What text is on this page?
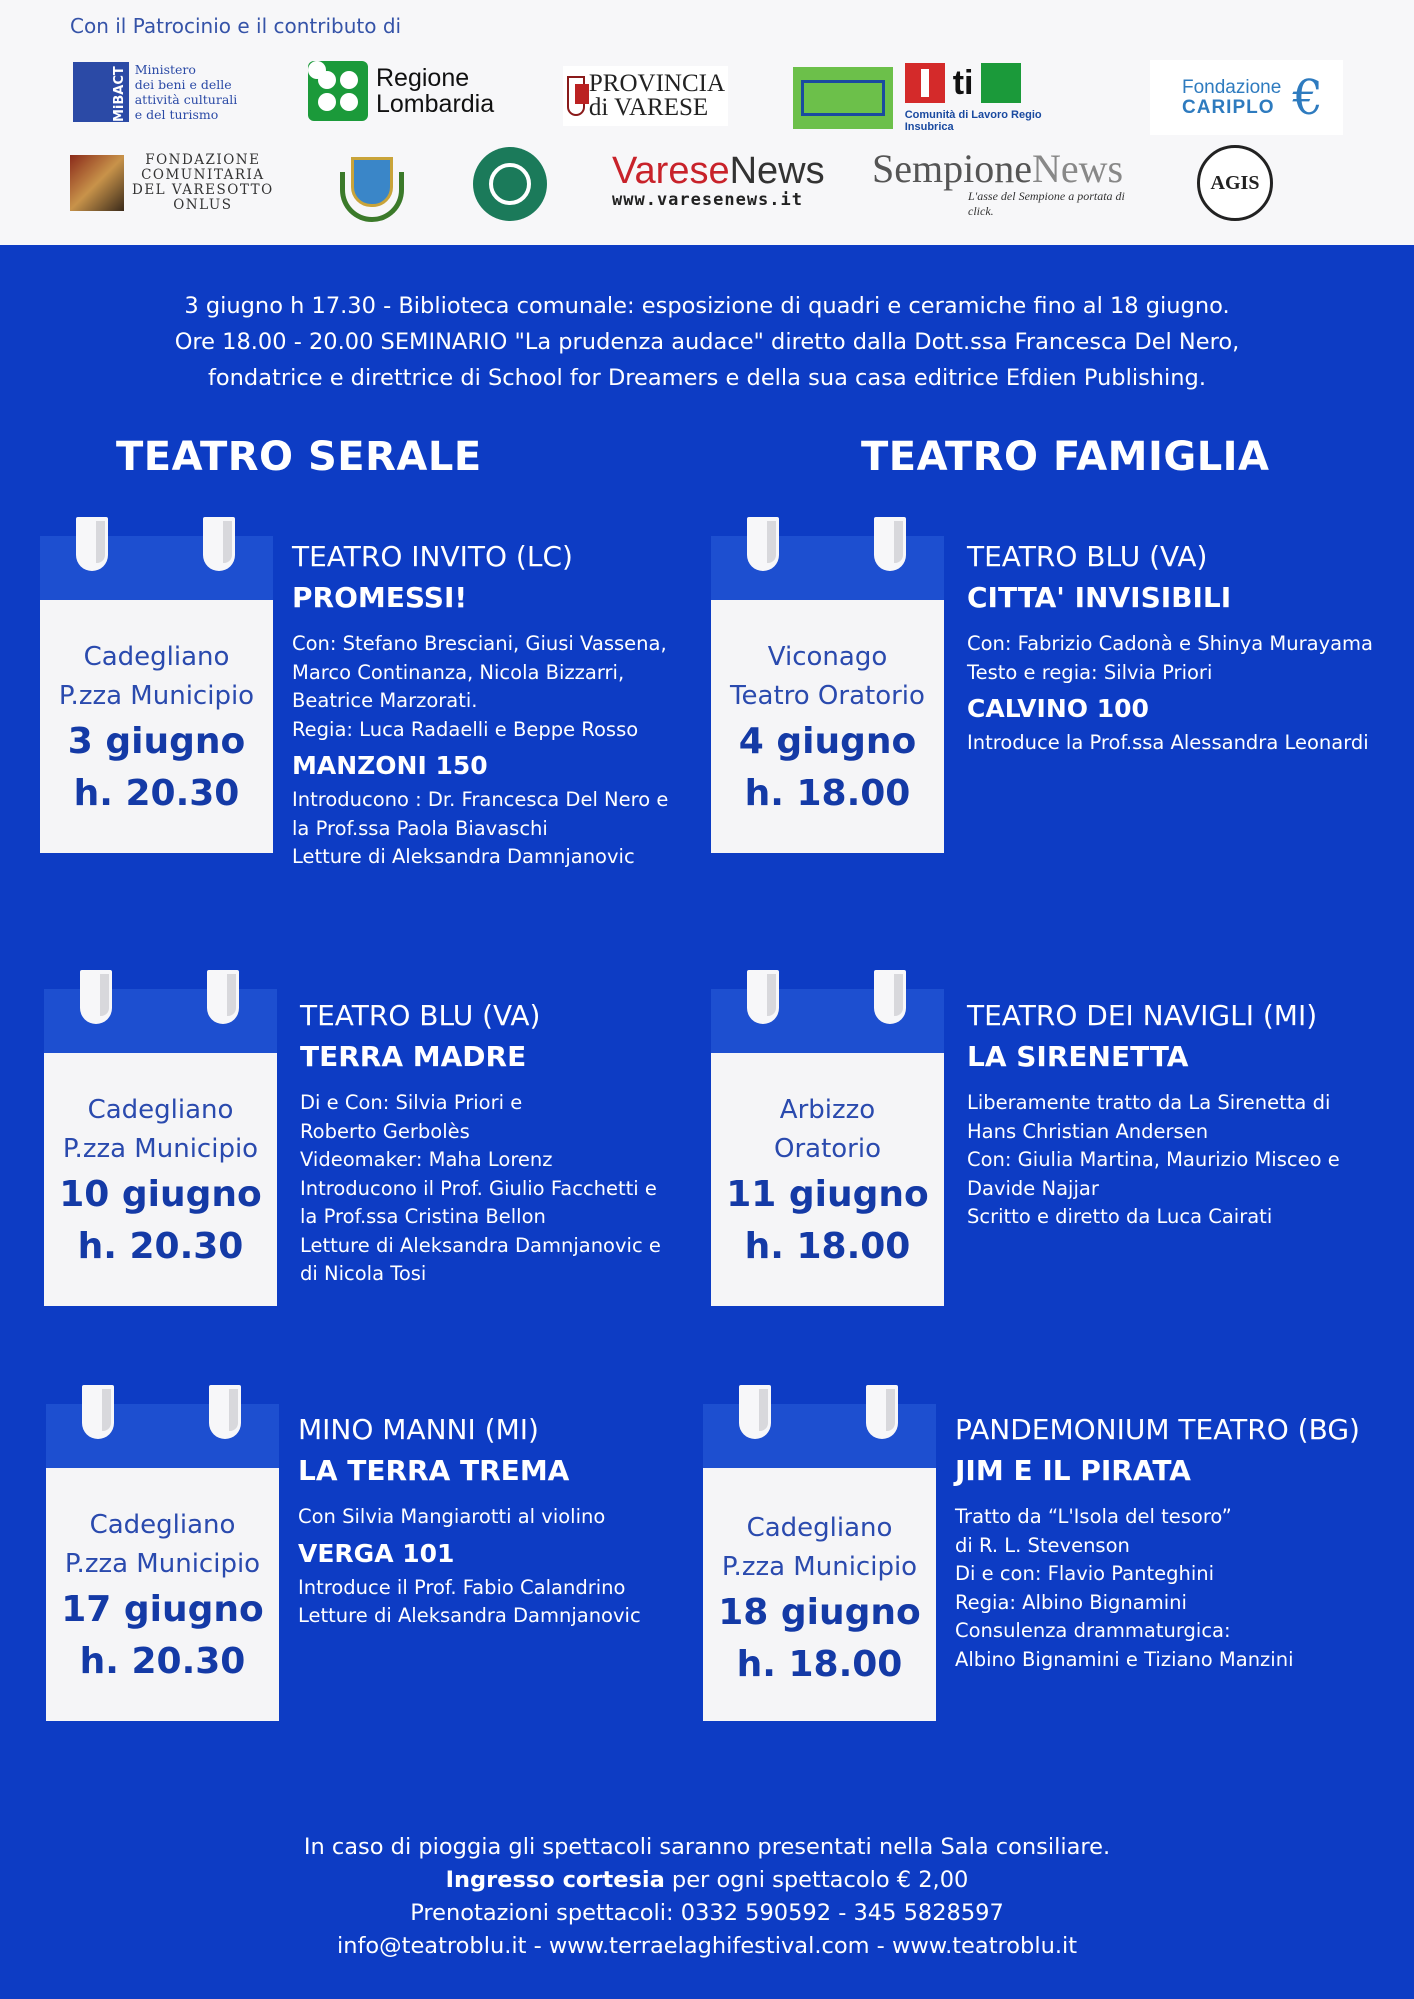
Con il Patrocinio e il contributo di
MiBACT Ministero
dei beni e delle
attività culturali
e del turismo
Regione
Lombardia
PROVINCIA di VARESE
ti
Comunità di Lavoro Regio Insubrica
Fondazione
CARIPLO €
FONDAZIONE
COMUNITARIA
DEL VARESOTTO
ONLUS
VareseNews
www.varesenews.it
SempioneNews
L'asse del Sempione a portata di click.
AGIS
3 giugno h 17.30 - Biblioteca comunale: esposizione di quadri e ceramiche fino al 18 giugno.
Ore 18.00 - 20.00 SEMINARIO "La prudenza audace" diretto dalla Dott.ssa Francesca Del Nero,
fondatrice e direttrice di School for Dreamers e della sua casa editrice Efdien Publishing.
TEATRO SERALE	TEATRO FAMIGLIA
Cadegliano
P.zza Municipio
3 giugno
h. 20.30
TEATRO INVITO (LC)
PROMESSI!
Con: Stefano Bresciani, Giusi Vassena,
Marco Continanza, Nicola Bizzarri,
Beatrice Marzorati.
Regia: Luca Radaelli e Beppe Rosso
MANZONI 150
Introducono : Dr. Francesca Del Nero e
la Prof.ssa Paola Biavaschi
Letture di Aleksandra Damnjanovic
Viconago
Teatro Oratorio
4 giugno
h. 18.00
TEATRO BLU (VA)
CITTA' INVISIBILI
Con: Fabrizio Cadonà e Shinya Murayama
Testo e regia: Silvia Priori
CALVINO 100
Introduce la Prof.ssa Alessandra Leonardi
Cadegliano
P.zza Municipio
10 giugno
h. 20.30
TEATRO BLU (VA)
TERRA MADRE
Di e Con: Silvia Priori e
Roberto Gerbolès
Videomaker: Maha Lorenz
Introducono il Prof. Giulio Facchetti e
la Prof.ssa Cristina Bellon
Letture di Aleksandra Damnjanovic e
di Nicola Tosi
Arbizzo
Oratorio
11 giugno
h. 18.00
TEATRO DEI NAVIGLI (MI)
LA SIRENETTA
Liberamente tratto da La Sirenetta di
Hans Christian Andersen
Con: Giulia Martina, Maurizio Misceo e
Davide Najjar
Scritto e diretto da Luca Cairati
Cadegliano
P.zza Municipio
17 giugno
h. 20.30
MINO MANNI (MI)
LA TERRA TREMA
Con Silvia Mangiarotti al violino
VERGA 101
Introduce il Prof. Fabio Calandrino
Letture di Aleksandra Damnjanovic
Cadegliano
P.zza Municipio
18 giugno
h. 18.00
PANDEMONIUM TEATRO (BG)
JIM E IL PIRATA
Tratto da “L'Isola del tesoro”
di R. L. Stevenson
Di e con: Flavio Panteghini
Regia: Albino Bignamini
Consulenza drammaturgica:
Albino Bignamini e Tiziano Manzini
In caso di pioggia gli spettacoli saranno presentati nella Sala consiliare.
Ingresso cortesia per ogni spettacolo € 2,00
Prenotazioni spettacoli: 0332 590592 - 345 5828597
info@teatroblu.it - www.terraelaghifestival.com - www.teatroblu.it
